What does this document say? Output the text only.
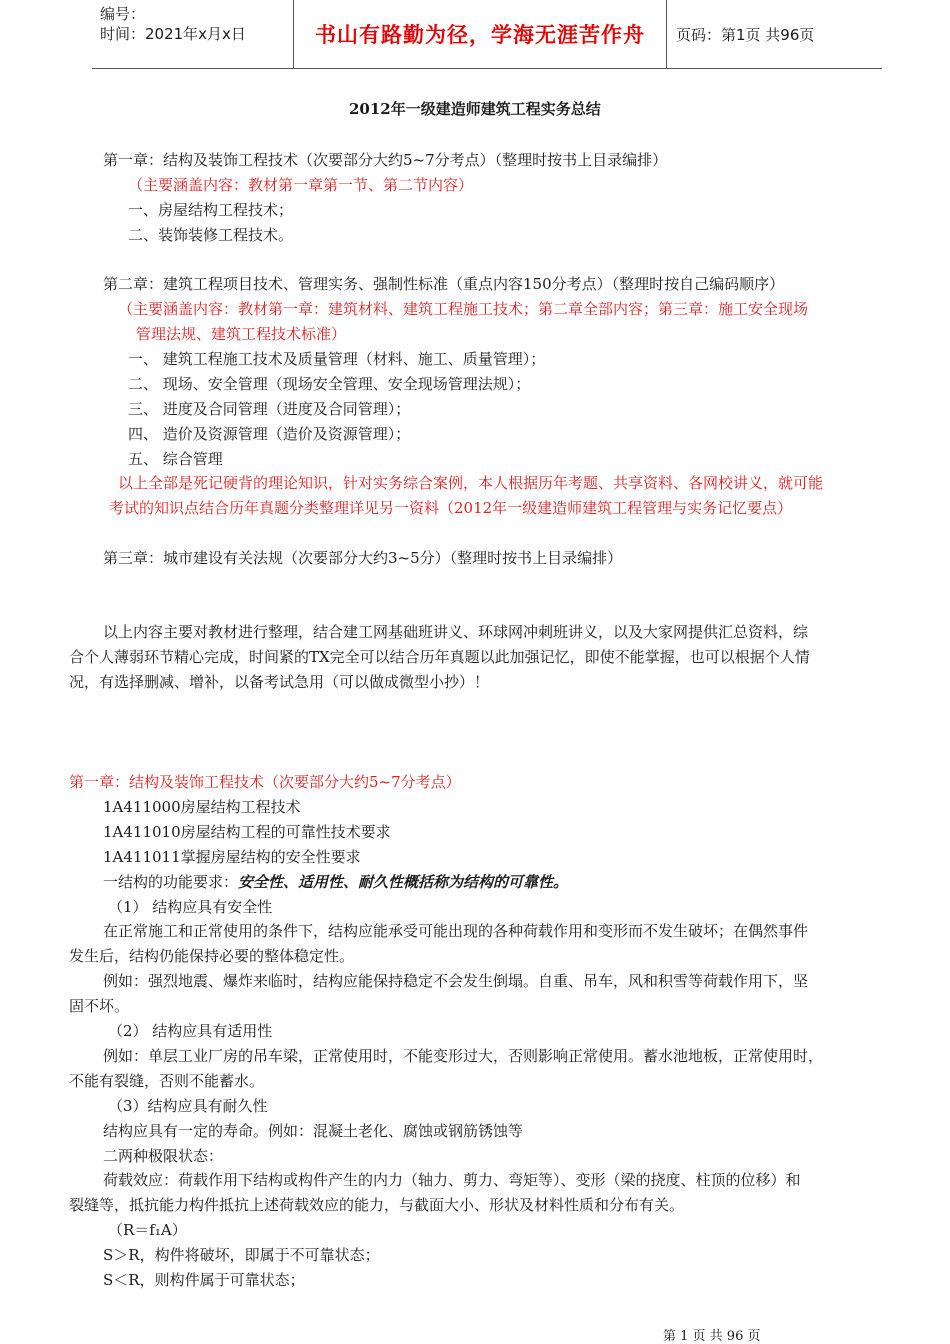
编号：
时间：2021年x月x日	书山有路勤为径，学海无涯苦作舟 页码：第1页 共96页
2012年一级建造师建筑工程实务总结
第一章：结构及装饰工程技术（次要部分大约5~7分考点）（整理时按书上目录编排）
（主要涵盖内容：教材第一章第一节、第二节内容）
一、房屋结构工程技术；
二、装饰装修工程技术。
第二章：建筑工程项目技术、管理实务、强制性标准（重点内容150分考点）（整理时按自己编码顺序）
（主要涵盖内容：教材第一章：建筑材料、建筑工程施工技术；第二章全部内容；第三章：施工安全现场
管理法规、建筑工程技术标准）
一、 建筑工程施工技术及质量管理（材料、施工、质量管理）；
二、 现场、安全管理（现场安全管理、安全现场管理法规）；
三、 进度及合同管理（进度及合同管理）；
四、 造价及资源管理（造价及资源管理）；
五、 综合管理
以上全部是死记硬背的理论知识，针对实务综合案例，本人根据历年考题、共享资料、各网校讲义，就可能
考试的知识点结合历年真题分类整理详见另一资料（2012年一级建造师建筑工程管理与实务记忆要点）
第三章：城市建设有关法规（次要部分大约3~5分）（整理时按书上目录编排）
以上内容主要对教材进行整理，结合建工网基础班讲义、环球网冲刺班讲义，以及大家网提供汇总资料，综
合个人薄弱环节精心完成，时间紧的TX完全可以结合历年真题以此加强记忆，即使不能掌握，也可以根据个人情
况，有选择删减、增补，以备考试急用（可以做成微型小抄）！
第一章：结构及装饰工程技术（次要部分大约5~7分考点）
1A411000房屋结构工程技术
1A411010房屋结构工程的可靠性技术要求
1A411011掌握房屋结构的安全性要求
一结构的功能要求：安全性、适用性、耐久性概括称为结构的可靠性。
（1） 结构应具有安全性
在正常施工和正常使用的条件下，结构应能承受可能出现的各种荷载作用和变形而不发生破坏；在偶然事件
发生后，结构仍能保持必要的整体稳定性。
例如：强烈地震、爆炸来临时，结构应能保持稳定不会发生倒塌。自重、吊车，风和积雪等荷载作用下，坚
固不坏。
（2） 结构应具有适用性
例如：单层工业厂房的吊车梁，正常使用时，不能变形过大，否则影响正常使用。蓄水池地板，正常使用时，
不能有裂缝，否则不能蓄水。
（3）结构应具有耐久性
结构应具有一定的寿命。例如：混凝土老化、腐蚀或钢筋锈蚀等
二两种极限状态：
荷载效应：荷载作用下结构或构件产生的内力（轴力、剪力、弯矩等）、变形（梁的挠度、柱顶的位移）和
裂缝等，抵抗能力构件抵抗上述荷载效应的能力，与截面大小、形状及材料性质和分布有关。
（R＝f₁A）
S＞R，构件将破坏，即属于不可靠状态；
S＜R，则构件属于可靠状态；
第 1 页 共 96 页
